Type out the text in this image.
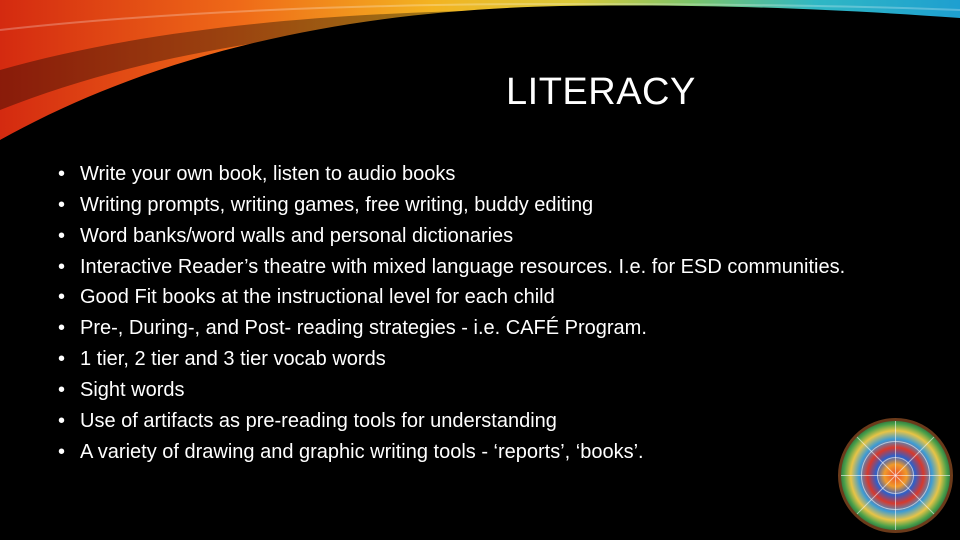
LITERACY
• Write your own book, listen to audio books
• Writing prompts, writing games, free writing, buddy editing
• Word banks/word walls and personal dictionaries
• Interactive Reader’s theatre with mixed language resources. I.e. for ESD communities.
• Good Fit books at the instructional level for each child
• Pre-, During-, and Post- reading strategies - i.e. CAFÉ Program.
• 1 tier, 2 tier and 3 tier vocab words
• Sight words
• Use of artifacts as pre-reading tools for understanding
• A variety of drawing and graphic writing tools - ‘reports’, ‘books’.
